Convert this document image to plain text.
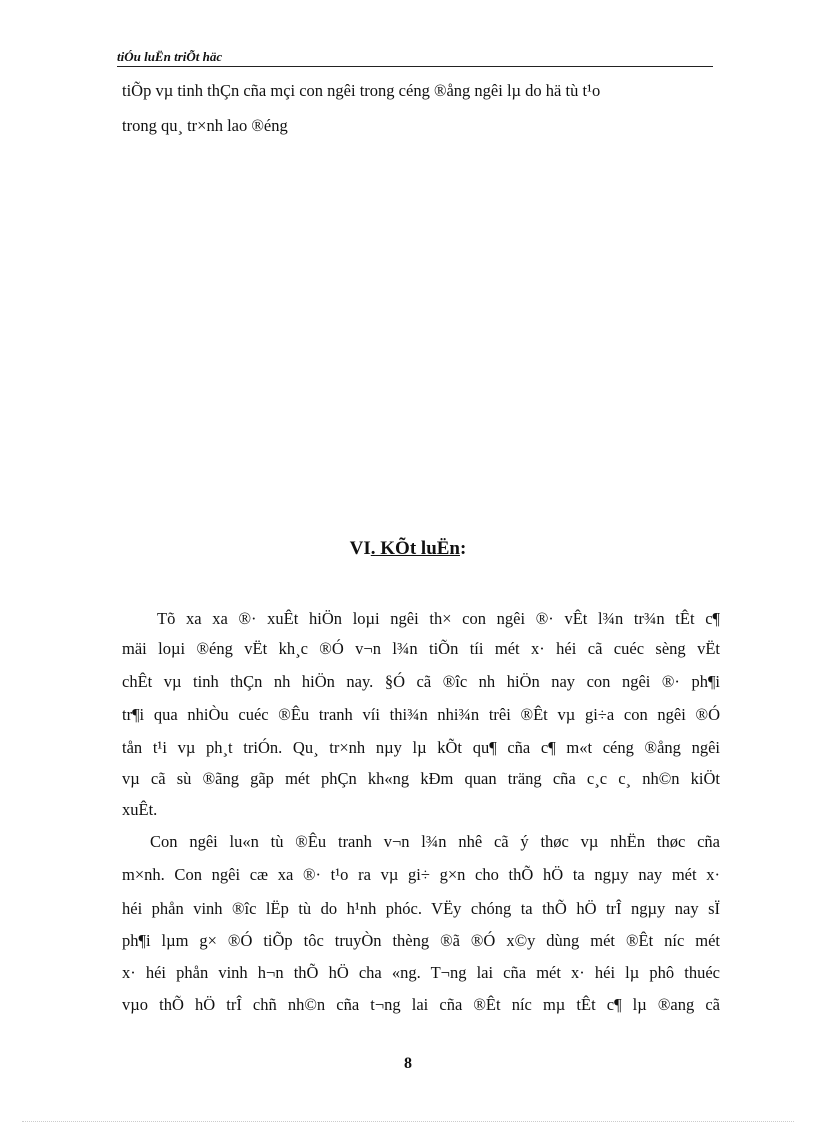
tiÓu luËn triÕt häc
tiÕp vµ tinh thÇn cña mçi con ngêi trong céng ®ång ngêi lµ do hä tù t¹o
trong qu¸ tr×nh lao ®éng
VI. KÕt luËn:
Tõ xa xa ®· xuÊt hiÖn loµi ngêi th× con ngêi ®· vÊt l¾n tr¾n tÊt c¶
mäi loµi ®éng vËt kh¸c ®Ó v¬n l¾n tiÕn tíi mét x· héi cã cuéc sèng vËt
chÊt vµ tinh thÇn nh hiÖn nay. §Ó cã ®îc nh hiÖn nay con ngêi ®· ph¶i
tr¶i qua nhiÒu cuéc ®Êu tranh víi thi¾n nhi¾n trêi ®Êt vµ gi÷a con ngêi ®Ó
tån t¹i vµ ph¸t triÓn. Qu¸ tr×nh nµy lµ kÕt qu¶ cña c¶ m«t céng ®ång ngêi
vµ cã sù ®ãng gãp mét phÇn kh«ng kÐm quan träng cña c¸c c¸ nh©n kiÖt
xuÊt.
Con ngêi lu«n tù ®Êu tranh v¬n l¾n nhê cã ý thøc vµ nhËn thøc cña
m×nh. Con ngêi cæ xa ®· t¹o ra vµ gi÷ g×n cho thÕ hÖ ta ngµy nay mét x·
héi phån vinh ®îc lËp tù do h¹nh phóc. VËy chóng ta thÕ hÖ trÎ ngµy nay sÏ
ph¶i lµm g× ®Ó tiÕp tôc truyÒn thèng ®ã ®Ó x©y dùng mét ®Êt níc mét
x· héi phån vinh h¬n thÕ hÖ cha «ng. T¬ng lai cña mét x· héi lµ phô thuéc
vµo thÕ hÖ trÎ chñ nh©n cña t¬ng lai cña ®Êt níc mµ tÊt c¶ lµ ®ang cã
8
